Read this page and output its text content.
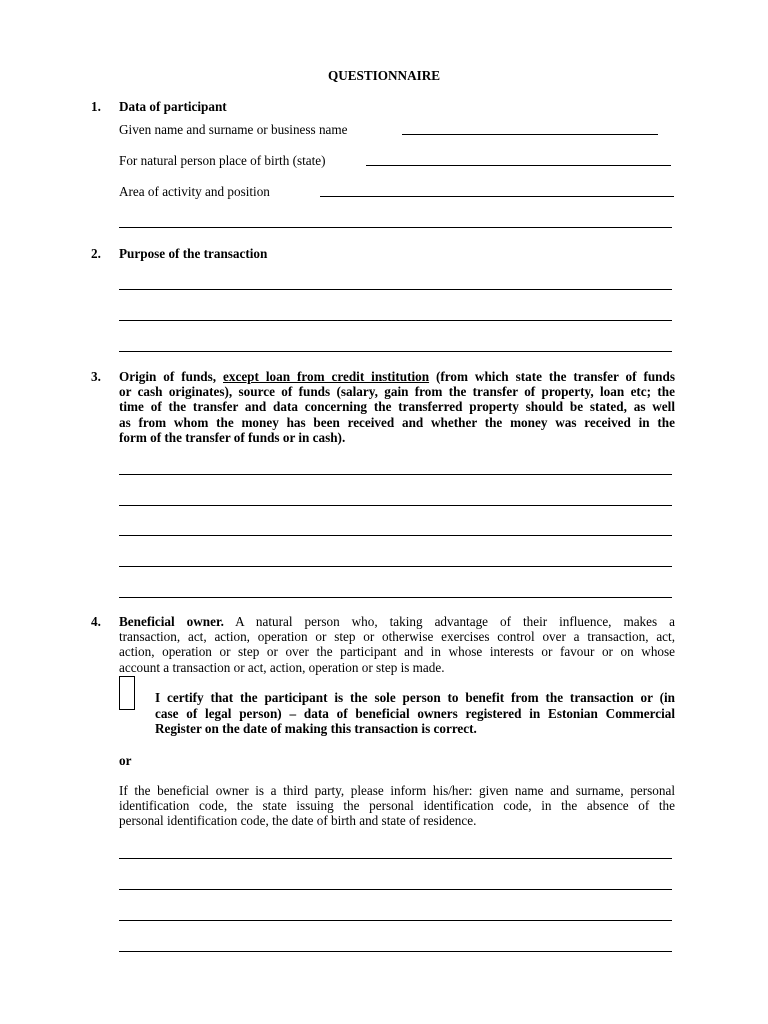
QUESTIONNAIRE
1. Data of participant
Given name and surname or business name
For natural person place of birth (state)
Area of activity and position
2. Purpose of the transaction
3. Origin of funds, except loan from credit institution (from which state the transfer of funds
or cash originates), source of funds (salary, gain from the transfer of property, loan etc; the
time of the transfer and data concerning the transferred property should be stated, as well
as from whom the money has been received and whether the money was received in the
form of the transfer of funds or in cash).
4. Beneficial owner. A natural person who, taking advantage of their influence, makes a
transaction, act, action, operation or step or otherwise exercises control over a transaction, act,
action, operation or step or over the participant and in whose interests or favour or on whose
account a transaction or act, action, operation or step is made.
I certify that the participant is the sole person to benefit from the transaction or (in
case of legal person) – data of beneficial owners registered in Estonian Commercial
Register on the date of making this transaction is correct.
or
If the beneficial owner is a third party, please inform his/her: given name and surname, personal
identification code, the state issuing the personal identification code, in the absence of the
personal identification code, the date of birth and state of residence.
